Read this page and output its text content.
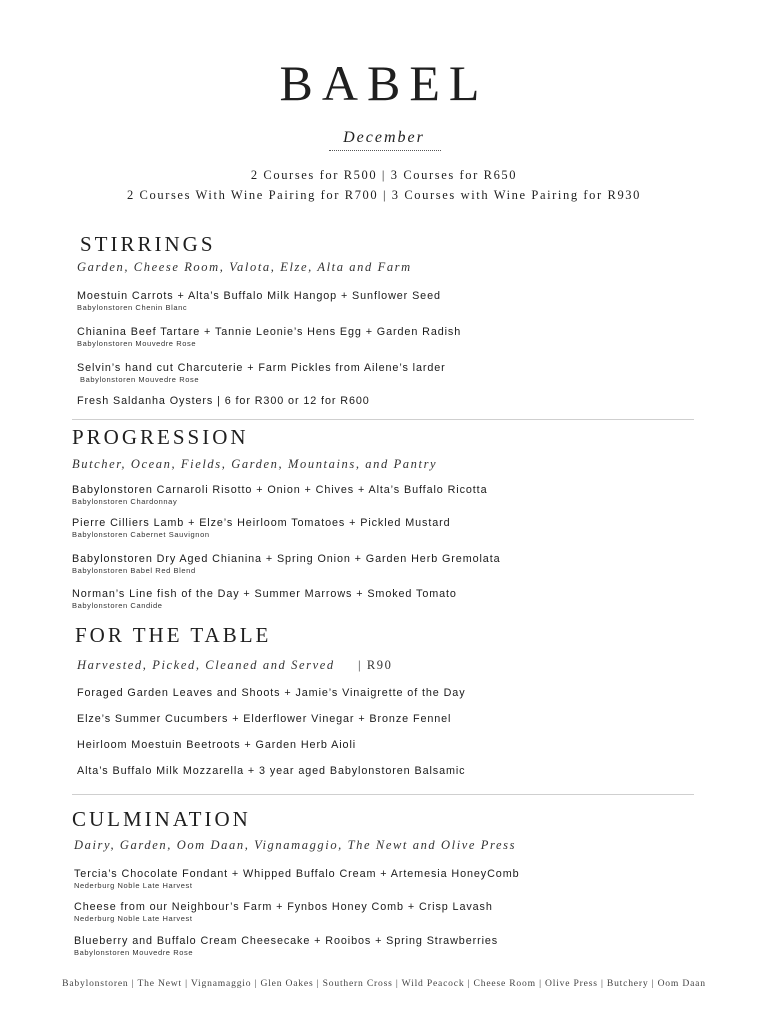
BABEL
December
2 Courses for R500 | 3 Courses for R650
2 Courses With Wine Pairing for R700 | 3 Courses with Wine Pairing for R930
STIRRINGS
Garden, Cheese Room, Valota, Elze, Alta and Farm
Moestuin Carrots + Alta’s Buffalo Milk Hangop + Sunflower Seed
Babylonstoren Chenin Blanc
Chianina Beef Tartare + Tannie Leonie’s Hens Egg + Garden Radish
Babylonstoren Mouvedre Rose
Selvin’s hand cut Charcuterie + Farm Pickles from Ailene’s larder
Babylonstoren Mouvedre Rose
Fresh Saldanha Oysters | 6 for R300 or 12 for R600
PROGRESSION
Butcher, Ocean, Fields, Garden, Mountains, and Pantry
Babylonstoren Carnaroli Risotto + Onion + Chives + Alta’s Buffalo Ricotta
Babylonstoren Chardonnay
Pierre Cilliers Lamb + Elze’s Heirloom Tomatoes + Pickled Mustard
Babylonstoren Cabernet Sauvignon
Babylonstoren Dry Aged Chianina + Spring Onion + Garden Herb Gremolata
Babylonstoren Babel Red Blend
Norman’s Line fish of the Day + Summer Marrows + Smoked Tomato
Babylonstoren Candide
FOR THE TABLE
Harvested, Picked, Cleaned and Served | R90
Foraged Garden Leaves and Shoots + Jamie’s Vinaigrette of the Day
Elze’s Summer Cucumbers + Elderflower Vinegar + Bronze Fennel
Heirloom Moestuin Beetroots + Garden Herb Aioli
Alta’s Buffalo Milk Mozzarella + 3 year aged Babylonstoren Balsamic
CULMINATION
Dairy, Garden, Oom Daan, Vignamaggio, The Newt and Olive Press
Tercia’s Chocolate Fondant + Whipped Buffalo Cream + Artemesia HoneyComb
Nederburg Noble Late Harvest
Cheese from our Neighbour’s Farm + Fynbos Honey Comb + Crisp Lavash
Nederburg Noble Late Harvest
Blueberry and Buffalo Cream Cheesecake + Rooibos + Spring Strawberries
Babylonstoren Mouvedre Rose
Babylonstoren | The Newt | Vignamaggio | Glen Oakes | Southern Cross | Wild Peacock | Cheese Room | Olive Press | Butchery | Oom Daan
